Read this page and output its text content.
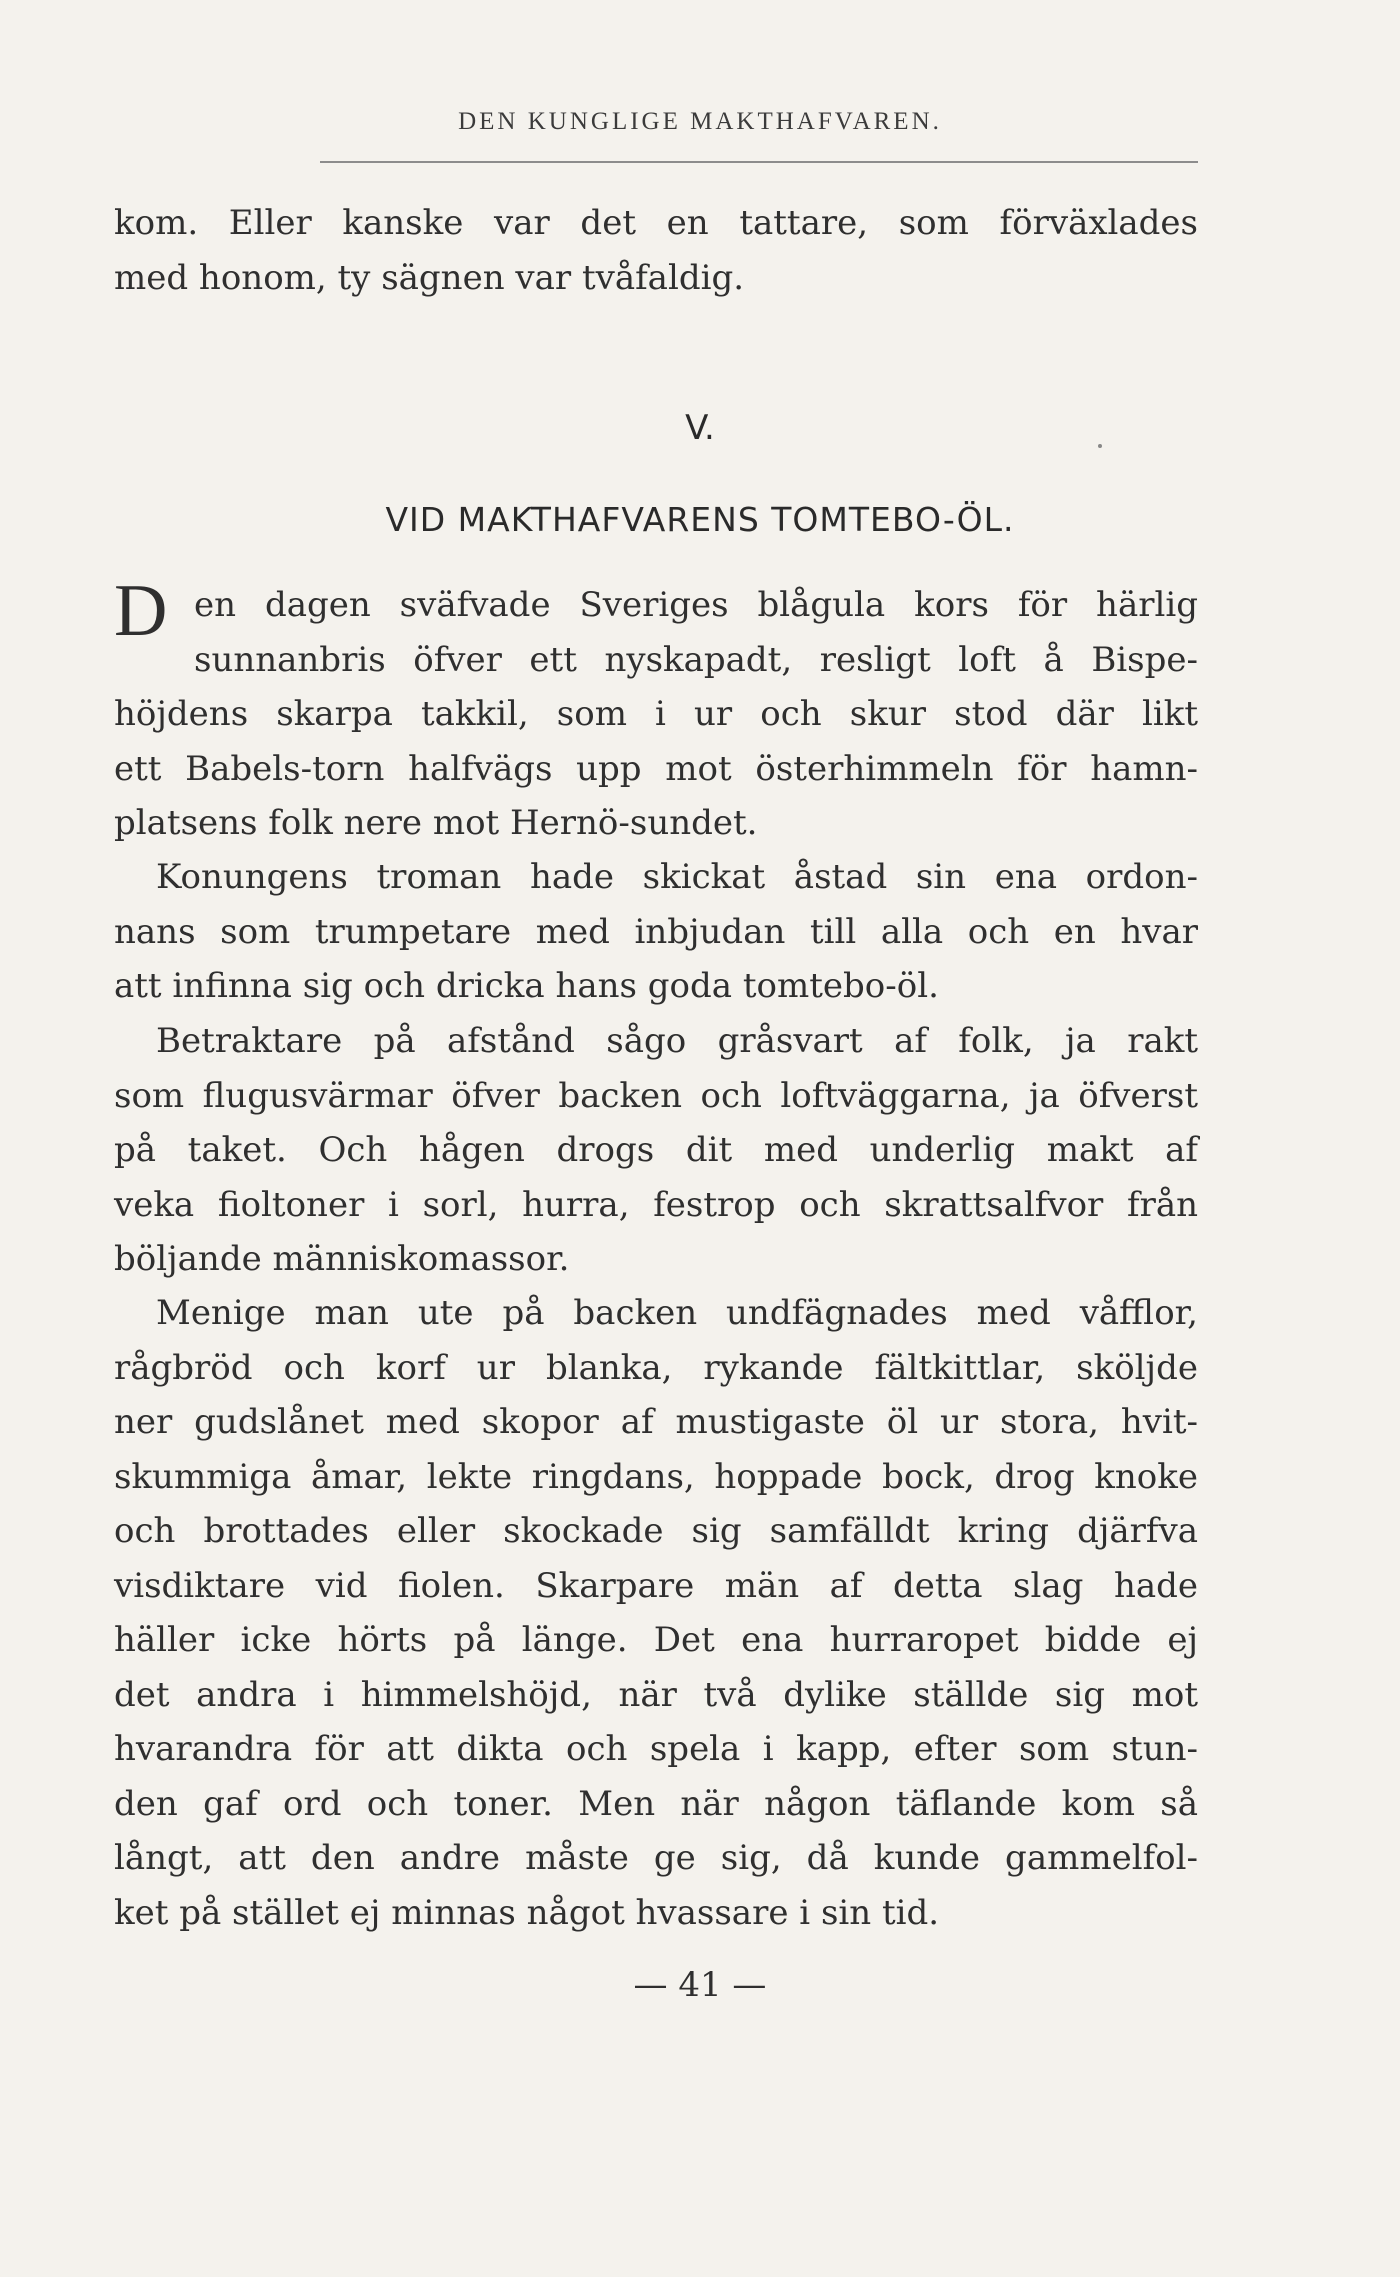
DEN KUNGLIGE MAKTHAFVAREN.
kom. Eller kanske var det en tattare, som förväxlades
med honom, ty sägnen var tvåfaldig.
V.
VID MAKTHAFVARENS TOMTEBO-ÖL.
D en dagen sväfvade Sveriges blågula kors för härlig
sunnanbris öfver ett nyskapadt, resligt loft å Bispe-
höjdens skarpa takkil, som i ur och skur stod där likt
ett Babels-torn halfvägs upp mot österhimmeln för hamn-
platsens folk nere mot Hernö-sundet.
Konungens troman hade skickat åstad sin ena ordon-
nans som trumpetare med inbjudan till alla och en hvar
att infinna sig och dricka hans goda tomtebo-öl.
Betraktare på afstånd sågo gråsvart af folk, ja rakt
som flugusvärmar öfver backen och loftväggarna, ja öfverst
på taket. Och hågen drogs dit med underlig makt af
veka fioltoner i sorl, hurra, festrop och skrattsalfvor från
böljande människomassor.
Menige man ute på backen undfägnades med våfflor,
rågbröd och korf ur blanka, rykande fältkittlar, sköljde
ner gudslånet med skopor af mustigaste öl ur stora, hvit-
skummiga åmar, lekte ringdans, hoppade bock, drog knoke
och brottades eller skockade sig samfälldt kring djärfva
visdiktare vid fiolen. Skarpare män af detta slag hade
häller icke hörts på länge. Det ena hurraropet bidde ej
det andra i himmelshöjd, när två dylike ställde sig mot
hvarandra för att dikta och spela i kapp, efter som stun-
den gaf ord och toner. Men när någon täflande kom så
långt, att den andre måste ge sig, då kunde gammelfol-
ket på stället ej minnas något hvassare i sin tid.
— 41 —
